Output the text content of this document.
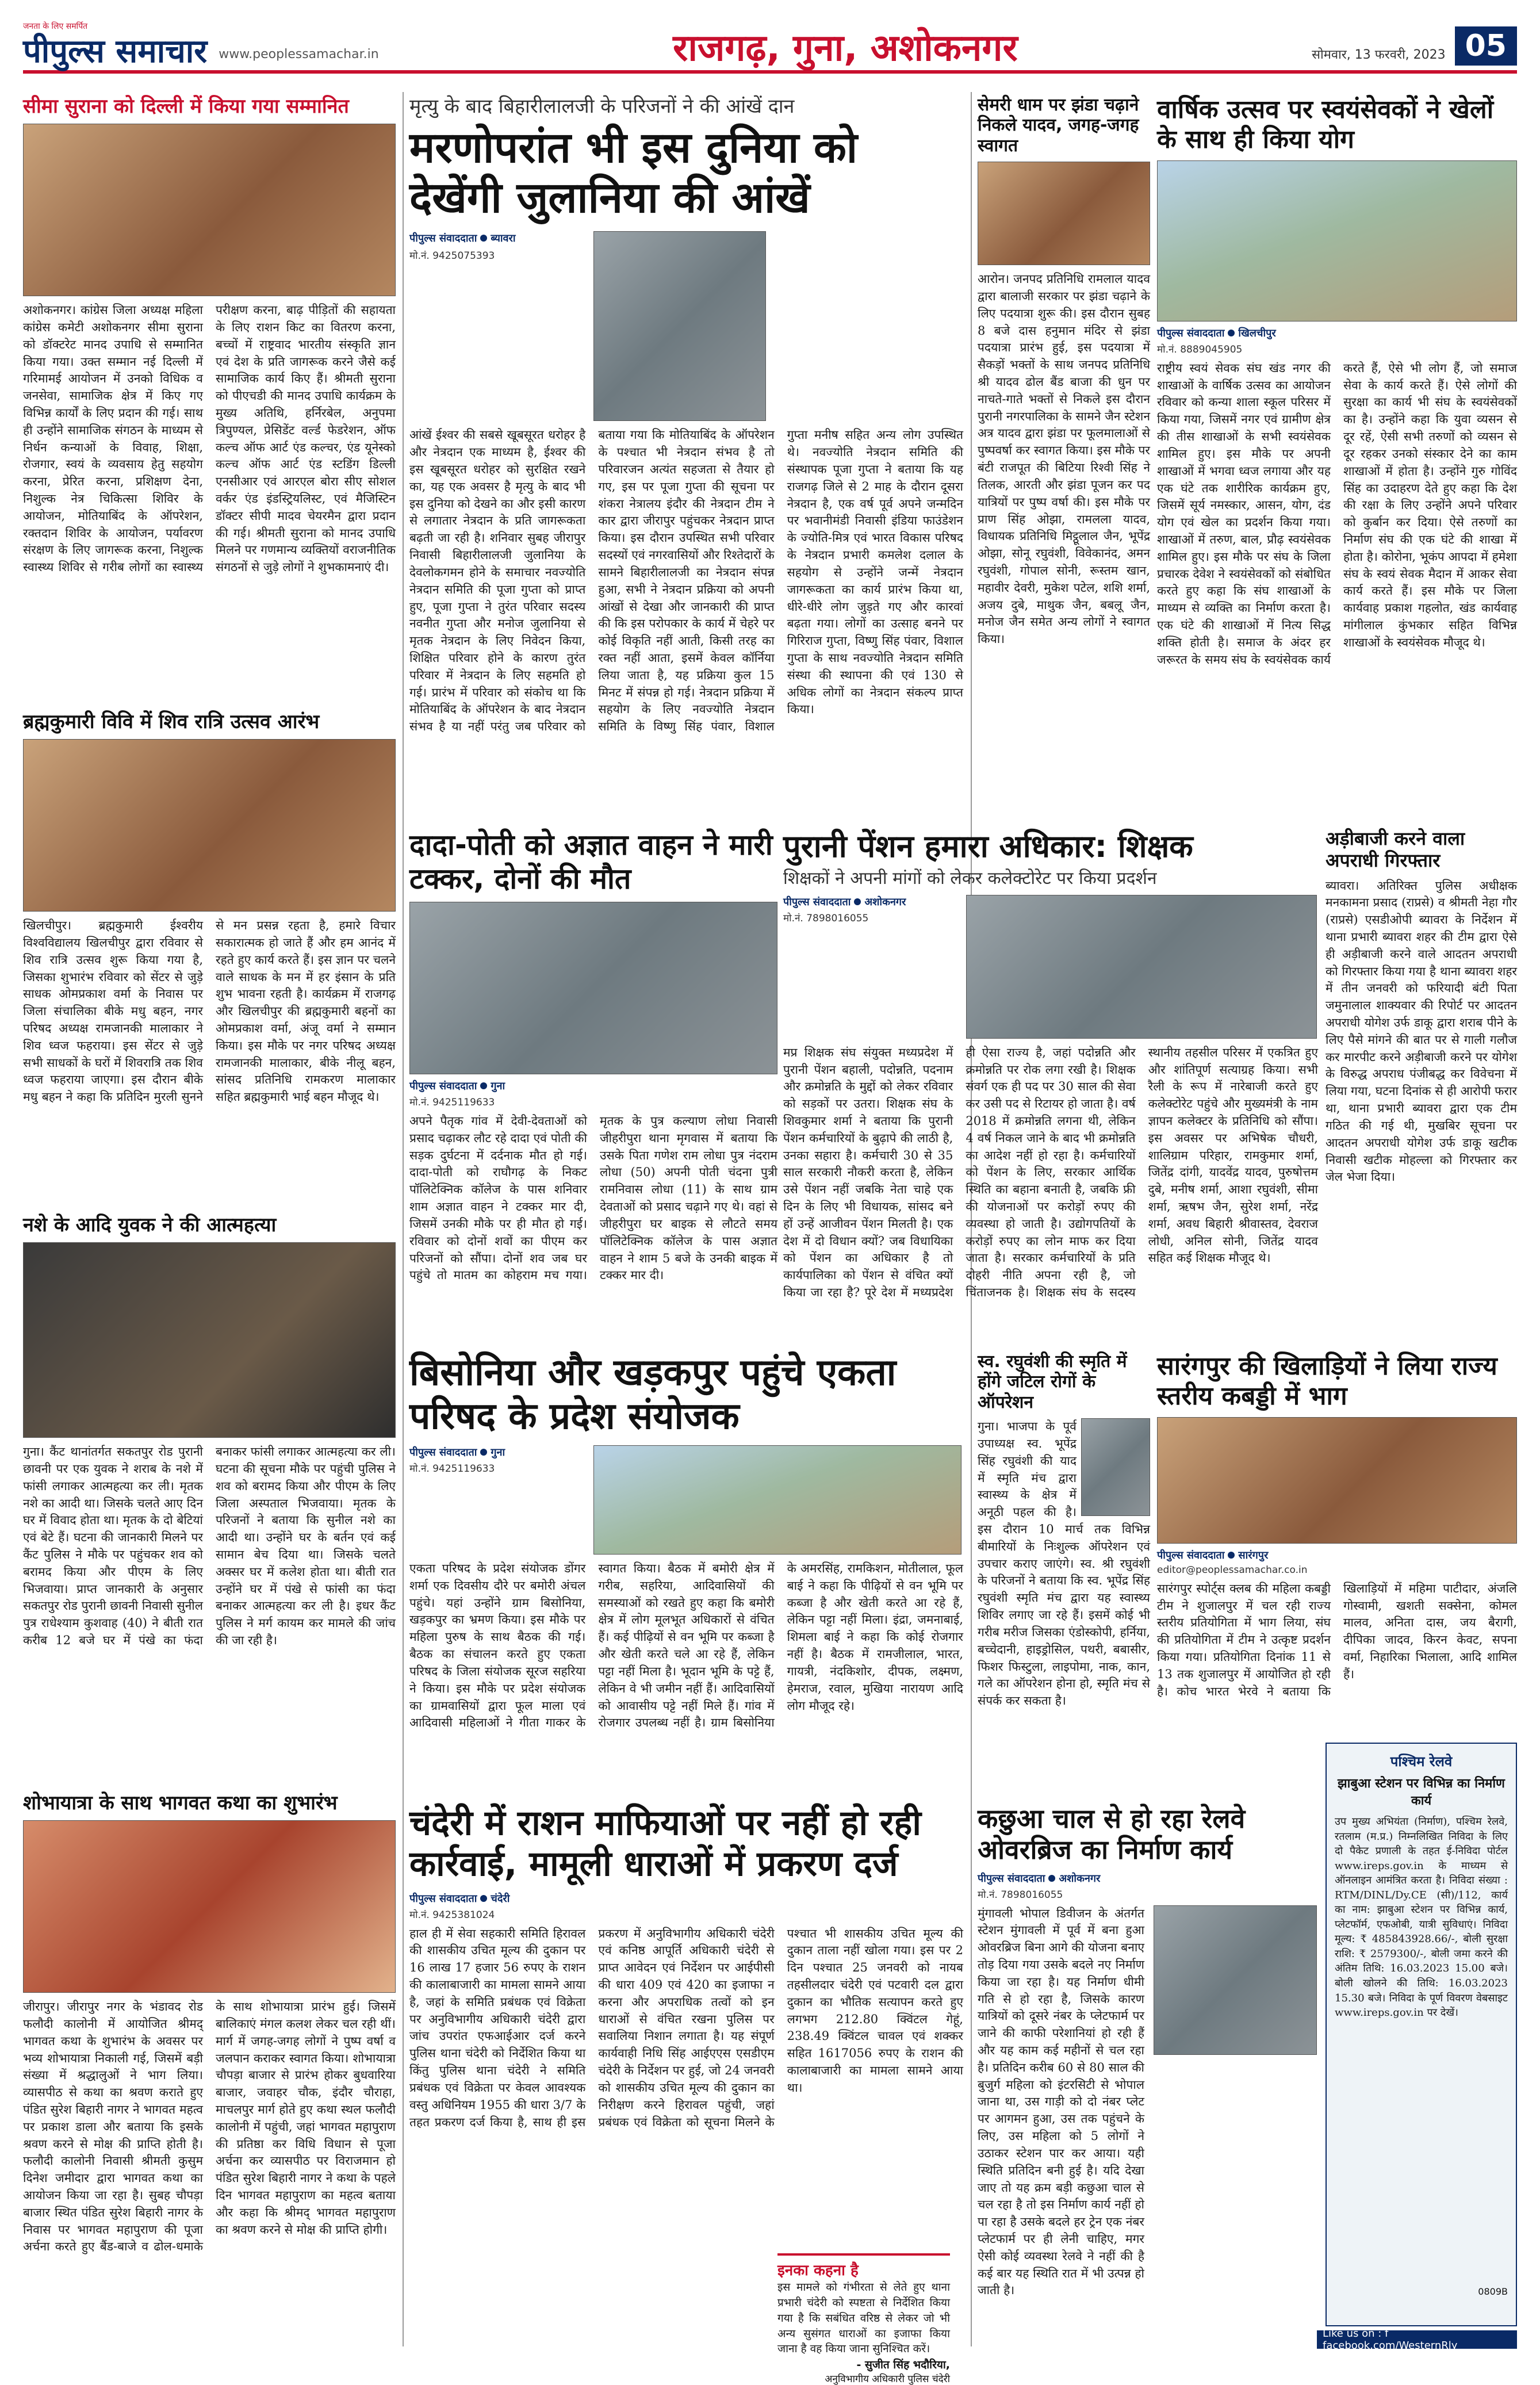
जनता के लिए समर्पित
पीपुल्स समाचार www.peoplessamachar.in	राजगढ़, गुना, अशोकनगर	सोमवार, 13 फरवरी, 2023 05
सीमा सुराना को दिल्ली में किया गया सम्मानित
अशोकनगर। कांग्रेस जिला अध्यक्ष महिला कांग्रेस कमेटी अशोकनगर सीमा सुराना को डॉक्टरेट मानद उपाधि से सम्मानित किया गया। उक्त सम्मान नई दिल्ली में गरिमामई आयोजन में उनको विधिक व जनसेवा, सामाजिक क्षेत्र में किए गए विभिन्न कार्यों के लिए प्रदान की गई। साथ ही उन्होंने सामाजिक संगठन के माध्यम से निर्धन कन्याओं के विवाह, शिक्षा, रोजगार, स्वयं के व्यवसाय हेतु सहयोग करना, प्रेरित करना, प्रशिक्षण देना, निशुल्क नेत्र चिकित्सा शिविर के आयोजन, मोतियाबिंद के ऑपरेशन, रक्तदान शिविर के आयोजन, पर्यावरण संरक्षण के लिए जागरूक करना, निशुल्क स्वास्थ्य शिविर से गरीब लोगों का स्वास्थ्य परीक्षण करना, बाढ़ पीड़ितों की सहायता के लिए राशन किट का वितरण करना, बच्चों में राष्ट्रवाद भारतीय संस्कृति ज्ञान एवं देश के प्रति जागरूक करने जैसे कई सामाजिक कार्य किए हैं। श्रीमती सुराना को पीएचडी की मानद उपाधि कार्यक्रम के मुख्य अतिथि, हर्निरबेल, अनुपमा त्रिपुण्यल, प्रेसिडेंट वर्ल्ड फेडरेशन, ऑफ कल्च ऑफ आर्ट एंड कल्चर, एंड यूनेस्को कल्च ऑफ आर्ट एंड स्टडिंग डिल्ली एनसीआर एवं आरएल बोरा सीए सोशल वर्कर एंड इंडस्ट्रियलिस्ट, एवं मैजिस्टिन डॉक्टर सीपी मादव चेयरमैन द्वारा प्रदान की गई। श्रीमती सुराना को मानद उपाधि मिलने पर गणमान्य व्यक्तियों वराजनीतिक संगठनों से जुड़े लोगों ने शुभकामनाएं दी।
ब्रह्मकुमारी विवि में शिव रात्रि उत्सव आरंभ
खिलचीपुर। ब्रह्मकुमारी ईश्वरीय विश्वविद्यालय खिलचीपुर द्वारा रविवार से शिव रात्रि उत्सव शुरू किया गया है, जिसका शुभारंभ रविवार को सेंटर से जुड़े साधक ओमप्रकाश वर्मा के निवास पर जिला संचालिका बीके मधु बहन, नगर परिषद अध्यक्ष रामजानकी मालाकार ने शिव ध्वज फहराया। इस सेंटर से जुड़े सभी साधकों के घरों में शिवरात्रि तक शिव ध्वज फहराया जाएगा। इस दौरान बीके मधु बहन ने कहा कि प्रतिदिन मुरली सुनने से मन प्रसन्न रहता है, हमारे विचार सकारात्मक हो जाते हैं और हम आनंद में रहते हुए कार्य करते हैं। इस ज्ञान पर चलने वाले साधक के मन में हर इंसान के प्रति शुभ भावना रहती है। कार्यक्रम में राजगढ़ और खिलचीपुर की ब्रह्मकुमारी बहनों का ओमप्रकाश वर्मा, अंजू वर्मा ने सम्मान किया। इस मौके पर नगर परिषद अध्यक्ष रामजानकी मालाकार, बीके नीलू बहन, सांसद प्रतिनिधि रामकरण मालाकार सहित ब्रह्मकुमारी भाई बहन मौजूद थे।
नशे के आदि युवक ने की आत्महत्या
गुना। कैंट थानांतर्गत सकतपुर रोड पुरानी छावनी पर एक युवक ने शराब के नशे में फांसी लगाकर आत्महत्या कर ली। मृतक नशे का आदी था। जिसके चलते आए दिन घर में विवाद होता था। मृतक के दो बेटियां एवं बेटे हैं। घटना की जानकारी मिलने पर कैंट पुलिस ने मौके पर पहुंचकर शव को बरामद किया और पीएम के लिए भिजवाया। प्राप्त जानकारी के अनुसार सकतपुर रोड पुरानी छावनी निवासी सुनील पुत्र राधेश्याम कुशवाह (40) ने बीती रात करीब 12 बजे घर में पंखे का फंदा बनाकर फांसी लगाकर आत्महत्या कर ली। घटना की सूचना मौके पर पहुंची पुलिस ने शव को बरामद किया और पीएम के लिए जिला अस्पताल भिजवाया। मृतक के परिजनों ने बताया कि सुनील नशे का आदी था। उन्होंने घर के बर्तन एवं कई सामान बेच दिया था। जिसके चलते अक्सर घर में कलेश होता था। बीती रात उन्होंने घर में पंखे से फांसी का फंदा बनाकर आत्महत्या कर ली है। इधर कैंट पुलिस ने मर्ग कायम कर मामले की जांच की जा रही है।
शोभायात्रा के साथ भागवत कथा का शुभारंभ
जीरापुर। जीरापुर नगर के भंडावद रोड फलौदी कालोनी में आयोजित श्रीमद् भागवत कथा के शुभारंभ के अवसर पर भव्य शोभायात्रा निकाली गई, जिसमें बड़ी संख्या में श्रद्धालुओं ने भाग लिया। व्यासपीठ से कथा का श्रवण कराते हुए पंडित सुरेश बिहारी नागर ने भागवत महत्व पर प्रकाश डाला और बताया कि इसके श्रवण करने से मोक्ष की प्राप्ति होती है। फलौदी कालोनी निवासी श्रीमती कुसुम दिनेश जमीदार द्वारा भागवत कथा का आयोजन किया जा रहा है। सुबह चौपड़ा बाजार स्थित पंडित सुरेश बिहारी नागर के निवास पर भागवत महापुराण की पूजा अर्चना करते हुए बैंड-बाजे व ढोल-धमाके के साथ शोभायात्रा प्रारंभ हुई। जिसमें बालिकाएं मंगल कलश लेकर चल रही थीं। मार्ग में जगह-जगह लोगों ने पुष्प वर्षा व जलपान कराकर स्वागत किया। शोभायात्रा चौपड़ा बाजार से प्रारंभ होकर बुधवारिया बाजार, जवाहर चौक, इंदौर चौराहा, माचलपुर मार्ग होते हुए कथा स्थल फलौदी कालोनी में पहुंची, जहां भागवत महापुराण की प्रतिष्ठा कर विधि विधान से पूजा अर्चना कर व्यासपीठ पर विराजमान हो पंडित सुरेश बिहारी नागर ने कथा के पहले दिन भागवत महापुराण का महत्व बताया और कहा कि श्रीमद् भागवत महापुराण का श्रवण करने से मोक्ष की प्राप्ति होगी।
मृत्यु के बाद बिहारीलालजी के परिजनों ने की आंखें दान
मरणोपरांत भी इस दुनिया को देखेंगी जुलानिया की आंखें
पीपुल्स संवाददाता ब्यावरा
मो.नं. 9425075393
आंखें ईश्वर की सबसे खूबसूरत धरोहर है और नेत्रदान एक माध्यम है, ईश्वर की इस खूबसूरत धरोहर को सुरक्षित रखने का, यह एक अवसर है मृत्यु के बाद भी इस दुनिया को देखने का और इसी कारण से लगातार नेत्रदान के प्रति जागरूकता बढ़ती जा रही है। शनिवार सुबह जीरापुर निवासी बिहारीलालजी जुलानिया के देवलोकगमन होने के समाचार नवज्योति नेत्रदान समिति की पूजा गुप्ता को प्राप्त हुए, पूजा गुप्ता ने तुरंत परिवार सदस्य नवनीत गुप्ता और मनोज जुलानिया से मृतक नेत्रदान के लिए निवेदन किया, शिक्षित परिवार होने के कारण तुरंत परिवार में नेत्रदान के लिए सहमति हो गई। प्रारंभ में परिवार को संकोच था कि मोतियाबिंद के ऑपरेशन के बाद नेत्रदान संभव है या नहीं परंतु जब परिवार को बताया गया कि मोतियाबिंद के ऑपरेशन के पश्चात भी नेत्रदान संभव है तो परिवारजन अत्यंत सहजता से तैयार हो गए, इस पर पूजा गुप्ता की सूचना पर शंकरा नेत्रालय इंदौर की नेत्रदान टीम ने कार द्वारा जीरापुर पहुंचकर नेत्रदान प्राप्त किया। इस दौरान उपस्थित सभी परिवार सदस्यों एवं नगरवासियों और रिश्तेदारों के सामने बिहारीलालजी का नेत्रदान संपन्न हुआ, सभी ने नेत्रदान प्रक्रिया को अपनी आंखों से देखा और जानकारी की प्राप्त की कि इस परोपकार के कार्य में चेहरे पर कोई विकृति नहीं आती, किसी तरह का रक्त नहीं आता, इसमें केवल कॉर्निया लिया जाता है, यह प्रक्रिया कुल 15 मिनट में संपन्न हो गई। नेत्रदान प्रक्रिया में सहयोग के लिए नवज्योति नेत्रदान समिति के विष्णु सिंह पंवार, विशाल गुप्ता मनीष सहित अन्य लोग उपस्थित थे। नवज्योति नेत्रदान समिति की संस्थापक पूजा गुप्ता ने बताया कि यह राजगढ़ जिले से 2 माह के दौरान दूसरा नेत्रदान है, एक वर्ष पूर्व अपने जन्मदिन पर भवानीमंडी निवासी इंडिया फाउंडेशन के ज्योति-मित्र एवं भारत विकास परिषद के नेत्रदान प्रभारी कमलेश दलाल के सहयोग से उन्होंने जन्में नेत्रदान जागरूकता का कार्य प्रारंभ किया था, धीरे-धीरे लोग जुड़ते गए और कारवां बढ़ता गया। लोगों का उत्साह बनने पर गिरिराज गुप्ता, विष्णु सिंह पंवार, विशाल गुप्ता के साथ नवज्योति नेत्रदान समिति संस्था की स्थापना की एवं 130 से अधिक लोगों का नेत्रदान संकल्प प्राप्त किया।
दादा-पोती को अज्ञात वाहन ने मारी टक्कर, दोनों की मौत
पीपुल्स संवाददाता गुना
मो.नं. 9425119633
अपने पैतृक गांव में देवी-देवताओं को प्रसाद चढ़ाकर लौट रहे दादा एवं पोती की सड़क दुर्घटना में दर्दनाक मौत हो गई। दादा-पोती को राघौगढ़ के निकट पॉलिटेक्निक कॉलेज के पास शनिवार शाम अज्ञात वाहन ने टक्कर मार दी, जिसमें उनकी मौके पर ही मौत हो गई। रविवार को दोनों शवों का पीएम कर परिजनों को सौंपा। दोनों शव जब घर पहुंचे तो मातम का कोहराम मच गया। मृतक के पुत्र कल्याण लोधा निवासी जीहरीपुरा थाना मृगवास में बताया कि उसके पिता गणेश राम लोधा पुत्र नंदराम लोधा (50) अपनी पोती चंदना पुत्री रामनिवास लोधा (11) के साथ ग्राम देवताओं को प्रसाद चढ़ाने गए थे। वहां से जीहरीपुरा घर बाइक से लौटते समय पॉलिटेक्निक कॉलेज के पास अज्ञात वाहन ने शाम 5 बजे के उनकी बाइक में टक्कर मार दी।
बिसोनिया और खड़कपुर पहुंचे एकता परिषद के प्रदेश संयोजक
पीपुल्स संवाददाता गुना
मो.नं. 9425119633
एकता परिषद के प्रदेश संयोजक डोंगर शर्मा एक दिवसीय दौरे पर बमोरी अंचल पहुंचे। यहां उन्होंने ग्राम बिसोनिया, खड़कपुर का भ्रमण किया। इस मौके पर महिला पुरुष के साथ बैठक की गई। बैठक का संचालन करते हुए एकता परिषद के जिला संयोजक सूरज सहरिया ने किया। इस मौके पर प्रदेश संयोजक का ग्रामवासियों द्वारा फूल माला एवं आदिवासी महिलाओं ने गीता गाकर के स्वागत किया। बैठक में बमोरी क्षेत्र में गरीब, सहरिया, आदिवासियों की समस्याओं को रखते हुए कहा कि बमोरी क्षेत्र में लोग मूलभूत अधिकारों से वंचित हैं। कई पीढ़ियों से वन भूमि पर कब्जा है और खेती करते चले आ रहे हैं, लेकिन पट्टा नहीं मिला है। भूदान भूमि के पट्टे हैं, लेकिन वे भी जमीन नहीं हैं। आदिवासियों को आवासीय पट्टे नहीं मिले हैं। गांव में रोजगार उपलब्ध नहीं है। ग्राम बिसोनिया के अमरसिंह, रामकिशन, मोतीलाल, फूल बाई ने कहा कि पीढ़ियों से वन भूमि पर कब्जा है और खेती करते आ रहे हैं, लेकिन पट्टा नहीं मिला। इंद्रा, जमनाबाई, शिमला बाई ने कहा कि कोई रोजगार नहीं है। बैठक में रामजीलाल, भारत, गायत्री, नंदकिशोर, दीपक, लक्ष्मण, हेमराज, रवाल, मुखिया नारायण आदि लोग मौजूद रहे।
चंदेरी में राशन माफियाओं पर नहीं हो रही कार्रवाई, मामूली धाराओं में प्रकरण दर्ज
पीपुल्स संवाददाता चंदेरी
मो.नं. 9425381024
हाल ही में सेवा सहकारी समिति हिरावल की शासकीय उचित मूल्य की दुकान पर 16 लाख 17 हजार 56 रुपए के राशन की कालाबाजारी का मामला सामने आया है, जहां के समिति प्रबंधक एवं विक्रेता पर अनुविभागीय अधिकारी चंदेरी द्वारा जांच उपरांत एफआईआर दर्ज करने पुलिस थाना चंदेरी को निर्देशित किया था किंतु पुलिस थाना चंदेरी ने समिति प्रबंधक एवं विक्रेता पर केवल आवश्यक वस्तु अधिनियम 1955 की धारा 3/7 के तहत प्रकरण दर्ज किया है, साथ ही इस प्रकरण में अनुविभागीय अधिकारी चंदेरी एवं कनिष्ठ आपूर्ति अधिकारी चंदेरी से प्राप्त आवेदन एवं निर्देशन पर आईपीसी की धारा 409 एवं 420 का इजाफा न करना और अपराधिक तत्वों को इन धाराओं से वंचित रखना पुलिस पर सवालिया निशान लगाता है। यह संपूर्ण कार्यवाही निधि सिंह आईएएस एसडीएम चंदेरी के निर्देशन पर हुई, जो 24 जनवरी को शासकीय उचित मूल्य की दुकान का निरीक्षण करने हिरावल पहुंची, जहां प्रबंधक एवं विक्रेता को सूचना मिलने के पश्चात भी शासकीय उचित मूल्य की दुकान ताला नहीं खोला गया। इस पर 2 दिन पश्चात 25 जनवरी को नायब तहसीलदार चंदेरी एवं पटवारी दल द्वारा दुकान का भौतिक सत्यापन करते हुए लगभग 212.80 क्विंटल गेहूं, 238.49 क्विंटल चावल एवं शक्कर सहित 1617056 रुपए के राशन की कालाबाजारी का मामला सामने आया था।
इनका कहना है
इस मामले को गंभीरता से लेते हुए थाना प्रभारी चंदेरी को स्पष्टता से निर्देशित किया गया है कि सबंधित वरिष्ठ से लेकर जो भी अन्य सुसंगत धाराओं का इजाफा किया जाना है वह किया जाना सुनिश्चित करें।
- सुजीत सिंह भदौरिया,
अनुविभागीय अधिकारी पुलिस चंदेरी
सेमरी धाम पर झंडा चढ़ाने निकले यादव, जगह-जगह स्वागत
आरोन। जनपद प्रतिनिधि रामलाल यादव द्वारा बालाजी सरकार पर झंडा चढ़ाने के लिए पदयात्रा शुरू की। इस दौरान सुबह 8 बजे दास हनुमान मंदिर से झंडा पदयात्रा प्रारंभ हुई, इस पदयात्रा में सैकड़ों भक्तों के साथ जनपद प्रतिनिधि श्री यादव ढोल बैंड बाजा की धुन पर नाचते-गाते भक्तों से निकले इस दौरान पुरानी नगरपालिका के सामने जैन स्टेशन अत्र यादव द्वारा झंडा पर फूलमालाओं से पुष्पवर्षा कर स्वागत किया। इस मौके पर बंटी राजपूत की बिटिया रिश्वी सिंह ने तिलक, आरती और झंडा पूजन कर पद यात्रियों पर पुष्प वर्षा की। इस मौके पर प्राण सिंह ओझा, रामलला यादव, विधायक प्रतिनिधि मिट्ठूलाल जैन, भूपेंद्र ओझा, सोनू रघुवंशी, विवेकानंद, अमन रघुवंशी, गोपाल सोनी, रूस्तम खान, महावीर देवरी, मुकेश पटेल, शशि शर्मा, अजय दुबे, माथुक जैन, बबलू जैन, मनोज जैन समेत अन्य लोगों ने स्वागत किया।
वार्षिक उत्सव पर स्वयंसेवकों ने खेलों के साथ ही किया योग
पीपुल्स संवाददाता खिलचीपुर
मो.नं. 8889045905
राष्ट्रीय स्वयं सेवक संघ खंड नगर की शाखाओं के वार्षिक उत्सव का आयोजन रविवार को कन्या शाला स्कूल परिसर में किया गया, जिसमें नगर एवं ग्रामीण क्षेत्र की तीस शाखाओं के सभी स्वयंसेवक शामिल हुए। इस मौके पर अपनी शाखाओं में भगवा ध्वज लगाया और यह एक घंटे तक शारीरिक कार्यक्रम हुए, जिसमें सूर्य नमस्कार, आसन, योग, दंड योग एवं खेल का प्रदर्शन किया गया। शाखाओं में तरुण, बाल, प्रौढ़ स्वयंसेवक शामिल हुए। इस मौके पर संघ के जिला प्रचारक देवेश ने स्वयंसेवकों को संबोधित करते हुए कहा कि संघ शाखाओं के माध्यम से व्यक्ति का निर्माण करता है। एक घंटे की शाखाओं में नित्य सिद्ध शक्ति होती है। समाज के अंदर हर जरूरत के समय संघ के स्वयंसेवक कार्य करते हैं, ऐसे भी लोग हैं, जो समाज सेवा के कार्य करते हैं। ऐसे लोगों की सुरक्षा का कार्य भी संघ के स्वयंसेवकों का है। उन्होंने कहा कि युवा व्यसन से दूर रहें, ऐसी सभी तरुणों को व्यसन से दूर रहकर उनको संस्कार देने का काम शाखाओं में होता है। उन्होंने गुरु गोविंद सिंह का उदाहरण देते हुए कहा कि देश की रक्षा के लिए उन्होंने अपने परिवार को कुर्बान कर दिया। ऐसे तरुणों का निर्माण संघ की एक घंटे की शाखा में होता है। कोरोना, भूकंप आपदा में हमेशा संघ के स्वयं सेवक मैदान में आकर सेवा कार्य करते हैं। इस मौके पर जिला कार्यवाह प्रकाश गहलोत, खंड कार्यवाह मांगीलाल कुंभकार सहित विभिन्न शाखाओं के स्वयंसेवक मौजूद थे।
पुरानी पेंशन हमारा अधिकार: शिक्षक
शिक्षकों ने अपनी मांगों को लेकर कलेक्टोरेट पर किया प्रदर्शन
पीपुल्स संवाददाता अशोकनगर
मो.नं. 7898016055
मप्र शिक्षक संघ संयुक्त मध्यप्रदेश में पुरानी पेंशन बहाली, पदोन्नति, पदनाम और क्रमोन्नति के मुद्दों को लेकर रविवार को सड़कों पर उतरा। शिक्षक संघ के शिवकुमार शर्मा ने बताया कि पुरानी पेंशन कर्मचारियों के बुढ़ापे की लाठी है, उनका सहारा है। कर्मचारी 30 से 35 साल सरकारी नौकरी करता है, लेकिन उसे पेंशन नहीं जबकि नेता चाहे एक दिन के लिए भी विधायक, सांसद बने हों उन्हें आजीवन पेंशन मिलती है। एक देश में दो विधान क्यों? जब विधायिका को पेंशन का अधिकार है तो कार्यपालिका को पेंशन से वंचित क्यों किया जा रहा है? पूरे देश में मध्यप्रदेश ही ऐसा राज्य है, जहां पदोन्नति और क्रमोन्नति पर रोक लगा रखी है। शिक्षक संवर्ग एक ही पद पर 30 साल की सेवा कर उसी पद से रिटायर हो जाता है। वर्ष 2018 में क्रमोन्नति लगना थी, लेकिन 4 वर्ष निकल जाने के बाद भी क्रमोन्नति का आदेश नहीं हो रहा है। कर्मचारियों को पेंशन के लिए, सरकार आर्थिक स्थिति का बहाना बनाती है, जबकि फ्री की योजनाओं पर करोड़ों रुपए की व्यवस्था हो जाती है। उद्योगपतियों के करोड़ों रुपए का लोन माफ कर दिया जाता है। सरकार कर्मचारियों के प्रति दोहरी नीति अपना रही है, जो चिंताजनक है। शिक्षक संघ के सदस्य स्थानीय तहसील परिसर में एकत्रित हुए और शांतिपूर्ण सत्याग्रह किया। सभी रैली के रूप में नारेबाजी करते हुए कलेक्टोरेट पहुंचे और मुख्यमंत्री के नाम ज्ञापन कलेक्टर के प्रतिनिधि को सौंपा। इस अवसर पर अभिषेक चौधरी, शालिग्राम परिहार, रामकुमार शर्मा, जितेंद्र दांगी, यादवेंद्र यादव, पुरुषोत्तम दुबे, मनीष शर्मा, आशा रघुवंशी, सीमा शर्मा, ऋषभ जैन, सुरेश शर्मा, नरेंद्र शर्मा, अवध बिहारी श्रीवास्तव, देवराज लोधी, अनिल सोनी, जितेंद्र यादव सहित कई शिक्षक मौजूद थे।
अड़ीबाजी करने वाला अपराधी गिरफ्तार
ब्यावरा। अतिरिक्त पुलिस अधीक्षक मनकामना प्रसाद (राप्रसे) व श्रीमती नेहा गौर (राप्रसे) एसडीओपी ब्यावरा के निर्देशन में थाना प्रभारी ब्यावरा शहर की टीम द्वारा ऐसे ही अड़ीबाजी करने वाले आदतन अपराधी को गिरफ्तार किया गया है थाना ब्यावरा शहर में तीन जनवरी को फरियादी बंटी पिता जमुनालाल शाक्यवार की रिपोर्ट पर आदतन अपराधी योगेश उर्फ डाकू द्वारा शराब पीने के लिए पैसे मांगने की बात पर से गाली गलौज कर मारपीट करने अड़ीबाजी करने पर योगेश के विरुद्ध अपराध पंजीबद्ध कर विवेचना में लिया गया, घटना दिनांक से ही आरोपी फरार था, थाना प्रभारी ब्यावरा द्वारा एक टीम गठित की गई थी, मुखबिर सूचना पर आदतन अपराधी योगेश उर्फ डाकू खटीक निवासी खटीक मोहल्ला को गिरफ्तार कर जेल भेजा दिया।
स्व. रघुवंशी की स्मृति में होंगे जटिल रोगों के ऑपरेशन
गुना। भाजपा के पूर्व उपाध्यक्ष स्व. भूपेंद्र सिंह रघुवंशी की याद में स्मृति मंच द्वारा स्वास्थ्य के क्षेत्र में अनूठी पहल की है। इस दौरान 10 मार्च तक विभिन्न बीमारियों के निःशुल्क ऑपरेशन एवं उपचार कराए जाएंगे। स्व. श्री रघुवंशी के परिजनों ने बताया कि स्व. भूपेंद्र सिंह रघुवंशी स्मृति मंच द्वारा यह स्वास्थ्य शिविर लगाए जा रहे हैं। इसमें कोई भी गरीब मरीज जिसका एंडोस्कोपी, हर्निया, बच्चेदानी, हाइड्रोसिल, पथरी, बबासीर, फिशर फिस्टुला, लाइपोमा, नाक, कान, गले का ऑपरेशन होना हो, स्मृति मंच से संपर्क कर सकता है।
सारंगपुर की खिलाड़ियों ने लिया राज्य स्तरीय कबड्डी में भाग
पीपुल्स संवाददाता सारंगपुर
editor@peoplessamachar.co.in
सारंगपुर स्पोर्ट्स क्लब की महिला कबड्डी टीम ने शुजालपुर में चल रही राज्य स्तरीय प्रतियोगिता में भाग लिया, संघ की प्रतियोगिता में टीम ने उत्कृष्ट प्रदर्शन किया गया। प्रतियोगिता दिनांक 11 से 13 तक शुजालपुर में आयोजित हो रही है। कोच भारत भेरवे ने बताया कि खिलाड़ियों में महिमा पाटीदार, अंजलि गोस्वामी, खशती सक्सेना, कोमल मालव, अनिता दास, जय बैरागी, दीपिका जादव, किरन केवट, सपना वर्मा, निहारिका भिलाला, आदि शामिल हैं।
कछुआ चाल से हो रहा रेलवे ओवरब्रिज का निर्माण कार्य
पीपुल्स संवाददाता अशोकनगर
मो.नं. 7898016055
मुंगावली भोपाल डिवीजन के अंतर्गत स्टेशन मुंगावली में पूर्व में बना हुआ ओवरब्रिज बिना आगे की योजना बनाए तोड़ दिया गया उसके बदले नए निर्माण किया जा रहा है। यह निर्माण धीमी गति से हो रहा है, जिसके कारण यात्रियों को दूसरे नंबर के प्लेटफार्म पर जाने की काफी परेशानियां हो रही हैं और यह काम कई महीनों से चल रहा है। प्रतिदिन करीब 60 से 80 साल की बुजुर्ग महिला को इंटरसिटी से भोपाल जाना था, उस गाड़ी को दो नंबर प्लेट पर आगमन हुआ, उस तक पहुंचने के लिए, उस महिला को 5 लोगों ने उठाकर स्टेशन पार कर आया। यही स्थिति प्रतिदिन बनी हुई है। यदि देखा जाए तो यह क्रम बड़ी कछुआ चाल से चल रहा है तो इस निर्माण कार्य नहीं हो पा रहा है उसके बदले हर ट्रेन एक नंबर प्लेटफार्म पर ही लेनी चाहिए, मगर ऐसी कोई व्यवस्था रेलवे ने नहीं की है कई बार यह स्थिति रात में भी उत्पन्न हो जाती है।
पश्चिम रेलवे
झाबुआ स्टेशन पर विभिन्न का निर्माण कार्य
उप मुख्य अभियंता (निर्माण), पश्चिम रेलवे, रतलाम (म.प्र.) निम्नलिखित निविदा के लिए दो पैकेट प्रणाली के तहत ई-निविदा पोर्टल www.ireps.gov.in के माध्यम से ऑनलाइन आमंत्रित करता है। निविदा संख्या : RTM/DINL/Dy.CE (सी)/112, कार्य का नाम: झाबुआ स्टेशन पर विभिन्न कार्य, प्लेटफॉर्म, एफओबी, यात्री सुविधाएं। निविदा मूल्य: ₹ 485843928.66/-, बोली सुरक्षा राशि: ₹ 2579300/-, बोली जमा करने की अंतिम तिथि: 16.03.2023 15.00 बजे। बोली खोलने की तिथि: 16.03.2023 15.30 बजे। निविदा के पूर्ण विवरण वेबसाइट www.ireps.gov.in पर देखें।
0809B
Like us on : f facebook.com/WesternRly
